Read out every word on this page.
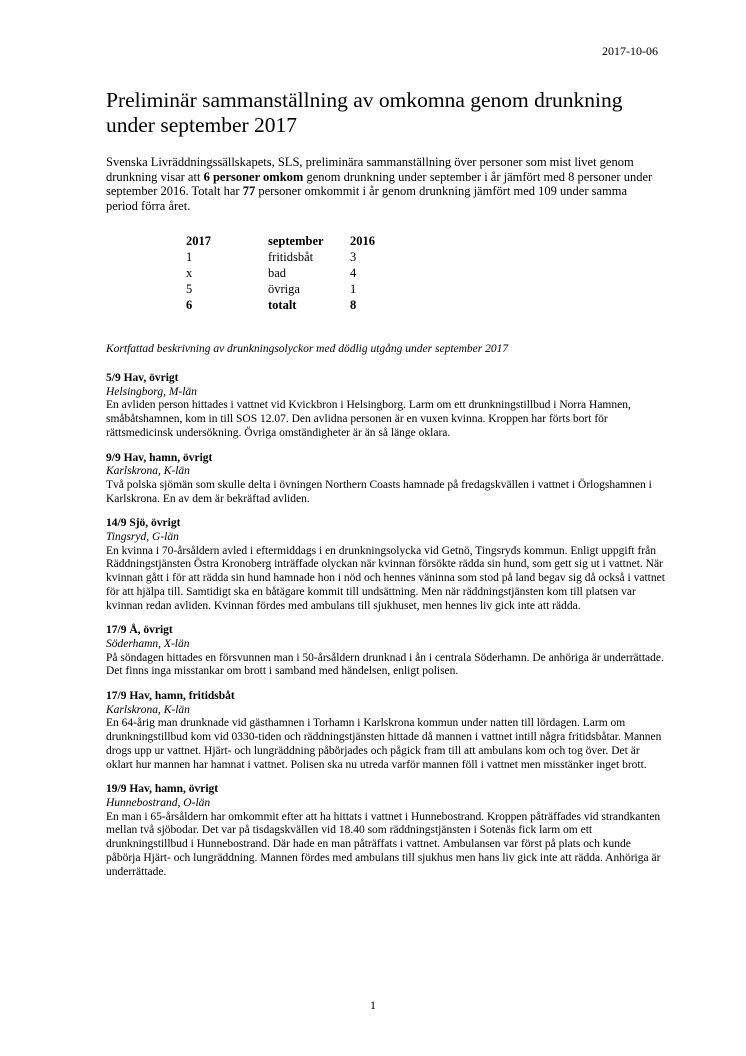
2017-10-06
Preliminär sammanställning av omkomna genom drunkning under september 2017

Svenska Livräddningssällskapets, SLS, preliminära sammanställning över personer som mist livet genom drunkning visar att 6 personer omkom genom drunkning under september i år jämfört med 8 personer under september 2016. Totalt har 77 personer omkommit i år genom drunkning jämfört med 109 under samma period förra året.

2017	september	2016
1	fritidsbåt	3
x	bad	4
5	övriga	1
6	totalt	8

Kortfattad beskrivning av drunkningsolyckor med dödlig utgång under september 2017

5/9 Hav, övrigt
Helsingborg, M-län
En avliden person hittades i vattnet vid Kvickbron i Helsingborg. Larm om ett drunkningstillbud i Norra Hamnen, småbåtshamnen, kom in till SOS 12.07. Den avlidna personen är en vuxen kvinna. Kroppen har förts bort för rättsmedicinsk undersökning. Övriga omständigheter är än så länge oklara.
9/9 Hav, hamn, övrigt
Karlskrona, K-län
Två polska sjömän som skulle delta i övningen Northern Coasts hamnade på fredagskvällen i vattnet i Örlogshamnen i Karlskrona. En av dem är bekräftad avliden.
14/9 Sjö, övrigt
Tingsryd, G-län
En kvinna i 70-årsåldern avled i eftermiddags i en drunkningsolycka vid Getnö, Tingsryds kommun. Enligt uppgift från Räddningstjänsten Östra Kronoberg inträffade olyckan när kvinnan försökte rädda sin hund, som gett sig ut i vattnet. När kvinnan gått i för att rädda sin hund hamnade hon i nöd och hennes väninna som stod på land begav sig då också i vattnet för att hjälpa till. Samtidigt ska en båtägare kommit till undsättning. Men när räddningstjänsten kom till platsen var kvinnan redan avliden. Kvinnan fördes med ambulans till sjukhuset, men hennes liv gick inte att rädda.
17/9 Å, övrigt
Söderhamn, X-län
På söndagen hittades en försvunnen man i 50-årsåldern drunknad i ån i centrala Söderhamn. De anhöriga är underrättade. Det finns inga misstankar om brott i samband med händelsen, enligt polisen.
17/9 Hav, hamn, fritidsbåt
Karlskrona, K-län
En 64-årig man drunknade vid gästhamnen i Torhamn i Karlskrona kommun under natten till lördagen. Larm om drunkningstillbud kom vid 0330-tiden och räddningstjänsten hittade då mannen i vattnet intill några fritidsbåtar. Mannen drogs upp ur vattnet. Hjärt- och lungräddning påbörjades och pågick fram till att ambulans kom och tog över. Det är oklart hur mannen har hamnat i vattnet. Polisen ska nu utreda varför mannen föll i vattnet men misstänker inget brott.
19/9 Hav, hamn, övrigt
Hunnebostrand, O-län
En man i 65-årsåldern har omkommit efter att ha hittats i vattnet i Hunnebostrand. Kroppen påträffades vid strandkanten mellan två sjöbodar. Det var på tisdagskvällen vid 18.40 som räddningstjänsten i Sotenäs fick larm om ett drunkningstillbud i Hunnebostrand. Där hade en man påträffats i vattnet. Ambulansen var först på plats och kunde påbörja Hjärt- och lungräddning. Mannen fördes med ambulans till sjukhus men hans liv gick inte att rädda. Anhöriga är underrättade.
1
